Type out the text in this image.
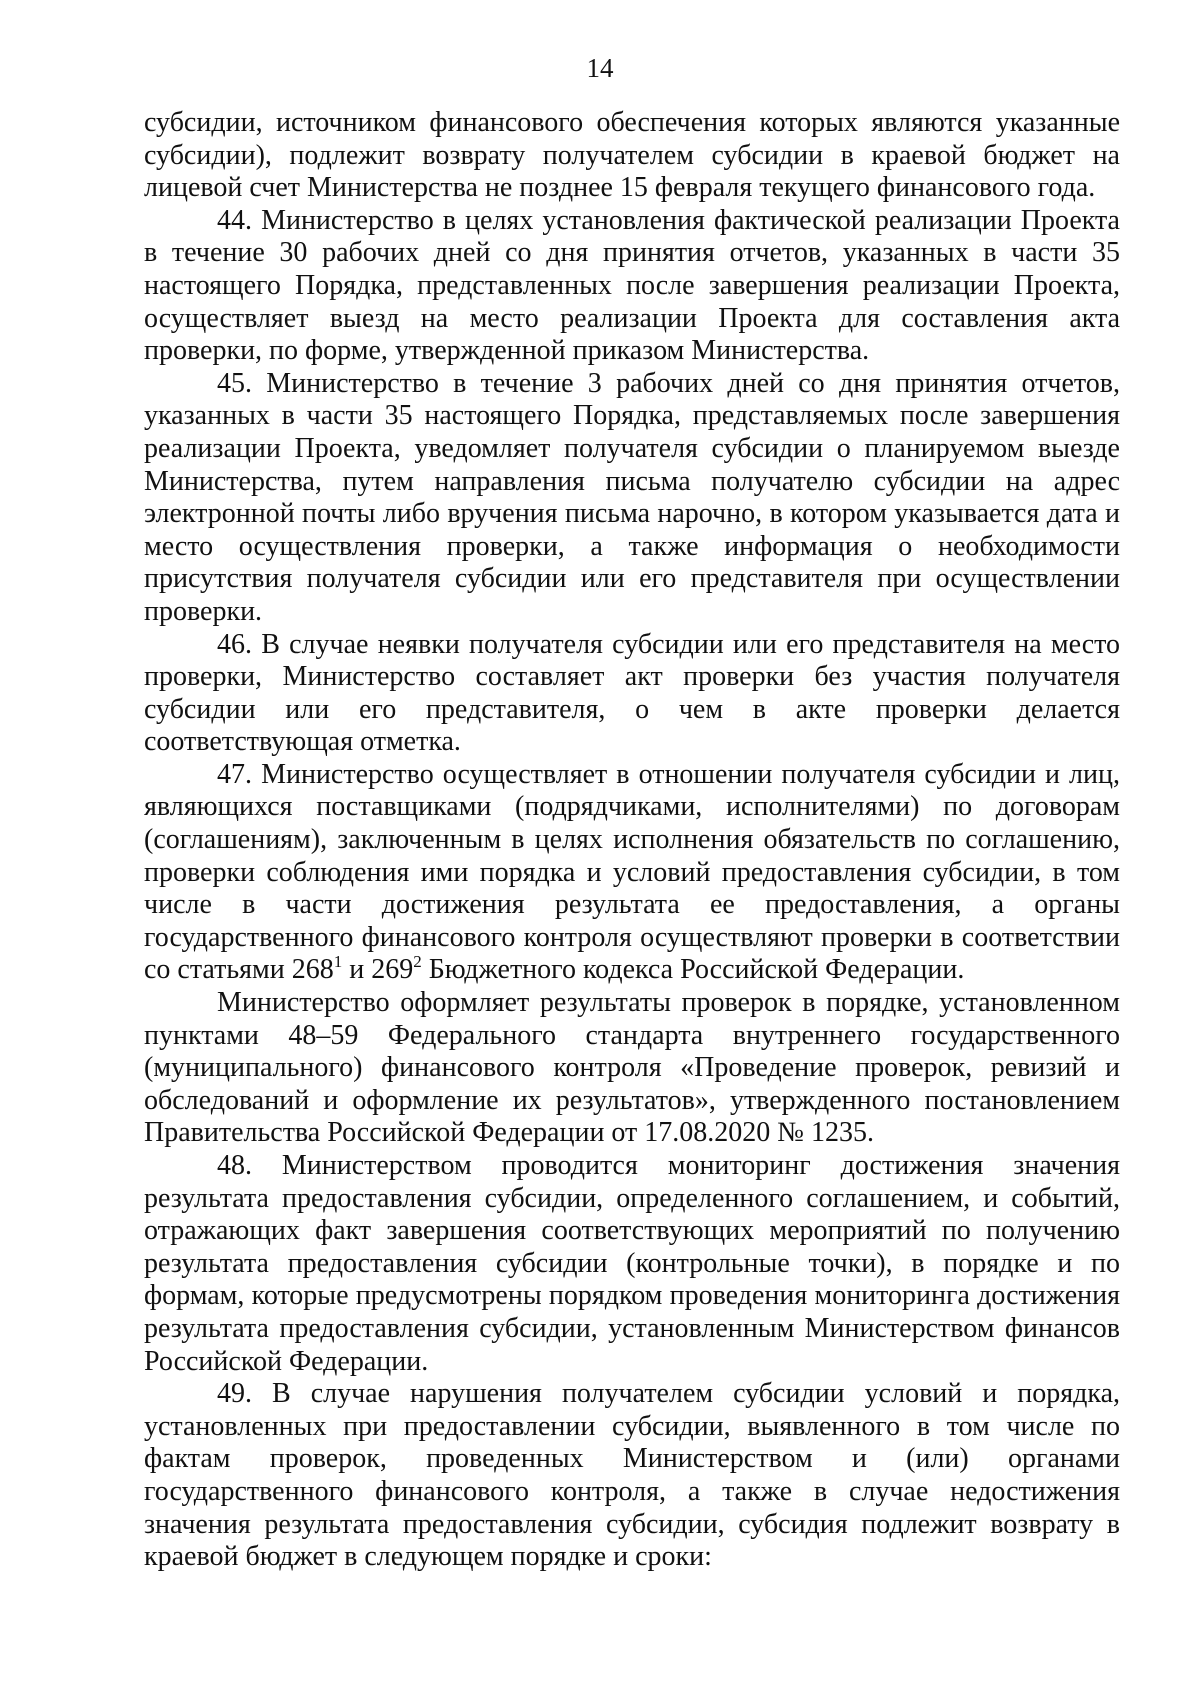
14

субсидии, источником финансового обеспечения которых являются указанные субсидии), подлежит возврату получателем субсидии в краевой бюджет на лицевой счет Министерства не позднее 15 февраля текущего финансового года.

44. Министерство в целях установления фактической реализации Проекта в течение 30 рабочих дней со дня принятия отчетов, указанных в части 35 настоящего Порядка, представленных после завершения реализации Проекта, осуществляет выезд на место реализации Проекта для составления акта проверки, по форме, утвержденной приказом Министерства.

45. Министерство в течение 3 рабочих дней со дня принятия отчетов, указанных в части 35 настоящего Порядка, представляемых после завершения реализации Проекта, уведомляет получателя субсидии о планируемом выезде Министерства, путем направления письма получателю субсидии на адрес электронной почты либо вручения письма нарочно, в котором указывается дата и место осуществления проверки, а также информация о необходимости присутствия получателя субсидии или его представителя при осуществлении проверки.

46. В случае неявки получателя субсидии или его представителя на место проверки, Министерство составляет акт проверки без участия получателя субсидии или его представителя, о чем в акте проверки делается соответствующая отметка.

47. Министерство осуществляет в отношении получателя субсидии и лиц, являющихся поставщиками (подрядчиками, исполнителями) по договорам (соглашениям), заключенным в целях исполнения обязательств по соглашению, проверки соблюдения ими порядка и условий предоставления субсидии, в том числе в части достижения результата ее предоставления, а органы государственного финансового контроля осуществляют проверки в соответствии со статьями $268^1$ и $269^2$ Бюджетного кодекса Российской Федерации.

Министерство оформляет результаты проверок в порядке, установленном пунктами 48–59 Федерального стандарта внутреннего государственного (муниципального) финансового контроля «Проведение проверок, ревизий и обследований и оформление их результатов», утвержденного постановлением Правительства Российской Федерации от 17.08.2020 № 1235.

48. Министерством проводится мониторинг достижения значения результата предоставления субсидии, определенного соглашением, и событий, отражающих факт завершения соответствующих мероприятий по получению результата предоставления субсидии (контрольные точки), в порядке и по формам, которые предусмотрены порядком проведения мониторинга достижения результата предоставления субсидии, установленным Министерством финансов Российской Федерации.

49. В случае нарушения получателем субсидии условий и порядка, установленных при предоставлении субсидии, выявленного в том числе по фактам проверок, проведенных Министерством и (или) органами государственного финансового контроля, а также в случае недостижения значения результата предоставления субсидии, субсидия подлежит возврату в краевой бюджет в следующем порядке и сроки:
